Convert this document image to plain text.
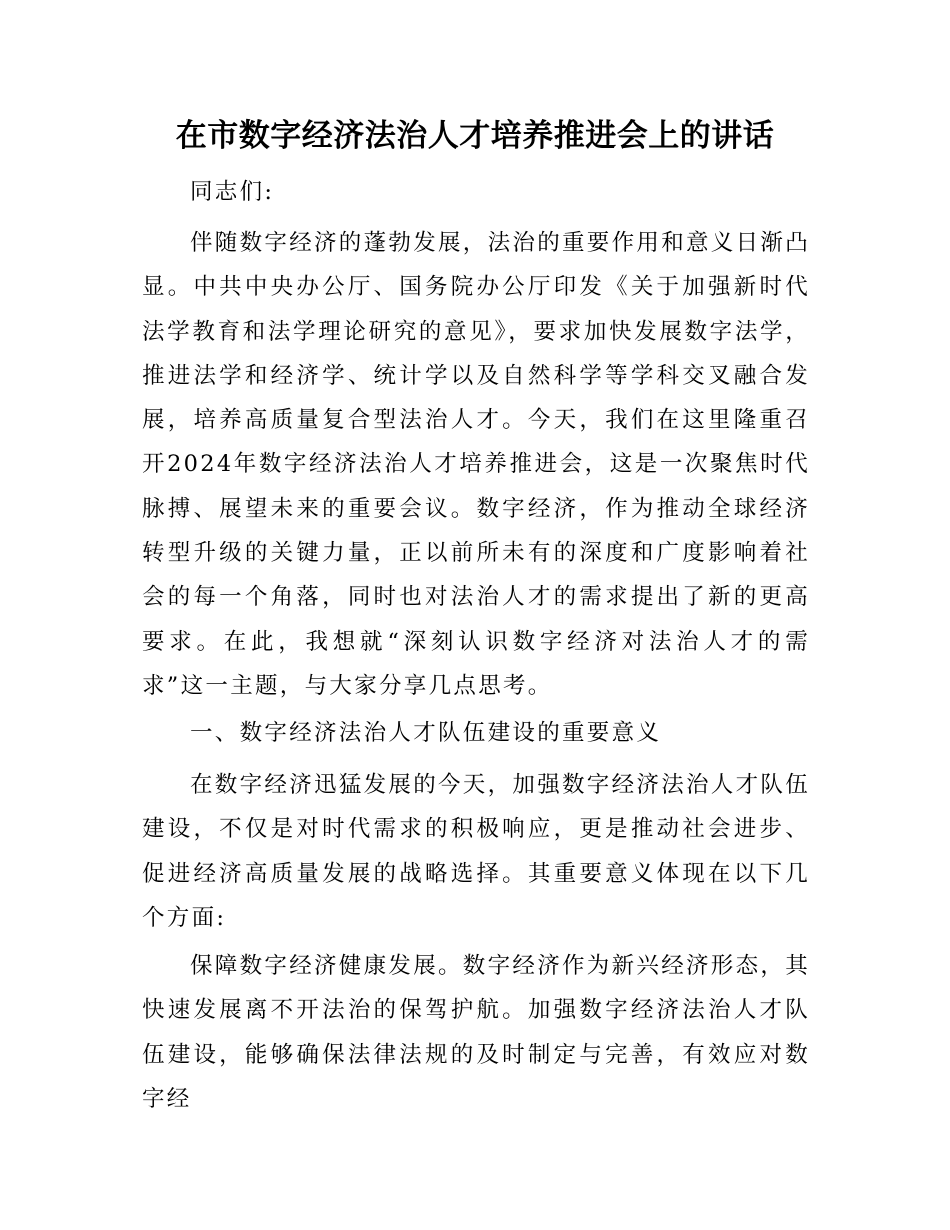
在市数字经济法治人才培养推进会上的讲话

同志们:

伴随数字经济的蓬勃发展，法治的重要作用和意义日渐凸显。中共中央办公厅、国务院办公厅印发《关于加强新时代法学教育和法学理论研究的意见》，要求加快发展数字法学，推进法学和经济学、统计学以及自然科学等学科交叉融合发展，培养高质量复合型法治人才。今天，我们在这里隆重召开2024年数字经济法治人才培养推进会，这是一次聚焦时代脉搏、展望未来的重要会议。数字经济，作为推动全球经济转型升级的关键力量，正以前所未有的深度和广度影响着社会的每一个角落，同时也对法治人才的需求提出了新的更高要求。在此，我想就“深刻认识数字经济对法治人才的需求”这一主题，与大家分享几点思考。

一、数字经济法治人才队伍建设的重要意义

在数字经济迅猛发展的今天，加强数字经济法治人才队伍建设，不仅是对时代需求的积极响应，更是推动社会进步、促进经济高质量发展的战略选择。其重要意义体现在以下几个方面:

保障数字经济健康发展。数字经济作为新兴经济形态，其快速发展离不开法治的保驾护航。加强数字经济法治人才队伍建设，能够确保法律法规的及时制定与完善，有效应对数字经
